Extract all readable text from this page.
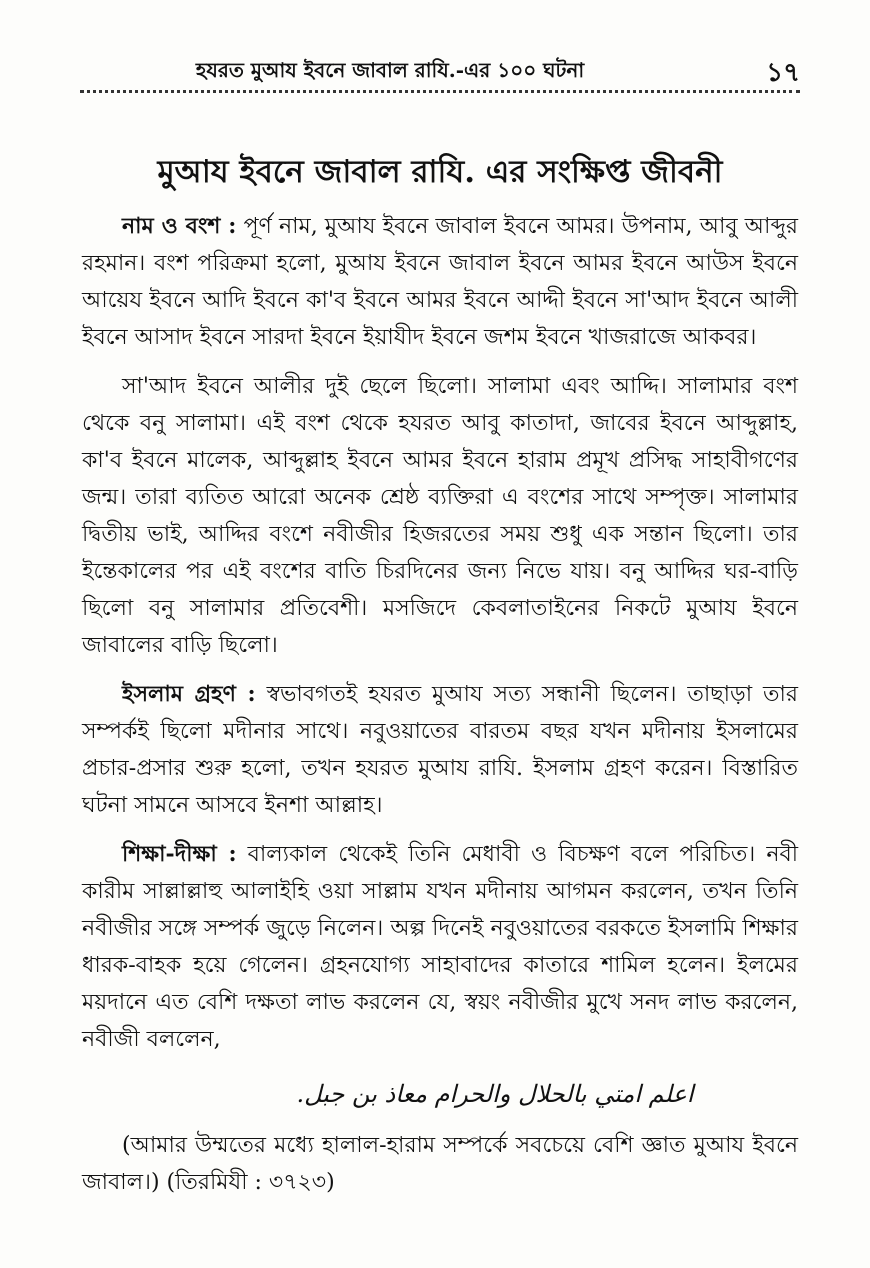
হযরত মুআয ইবনে জাবাল রাযি.-এর ১০০ ঘটনা	১৭
মুআয ইবনে জাবাল রাযি. এর সংক্ষিপ্ত জীবনী

নাম ও বংশ : পূর্ণ নাম, মুআয ইবনে জাবাল ইবনে আমর। উপনাম, আবু আব্দুর রহমান। বংশ পরিক্রমা হলো, মুআয ইবনে জাবাল ইবনে আমর ইবনে আউস ইবনে আয়েয ইবনে আদি ইবনে কা'ব ইবনে আমর ইবনে আদ্দী ইবনে সা'আদ ইবনে আলী ইবনে আসাদ ইবনে সারদা ইবনে ইয়াযীদ ইবনে জশম ইবনে খাজরাজে আকবর।

সা'আদ ইবনে আলীর দুই ছেলে ছিলো। সালামা এবং আদ্দি। সালামার বংশ থেকে বনু সালামা। এই বংশ থেকে হযরত আবু কাতাদা, জাবের ইবনে আব্দুল্লাহ, কা'ব ইবনে মালেক, আব্দুল্লাহ ইবনে আমর ইবনে হারাম প্রমূখ প্রসিদ্ধ সাহাবীগণের জন্ম। তারা ব্যতিত আরো অনেক শ্রেষ্ঠ ব্যক্তিরা এ বংশের সাথে সম্পৃক্ত। সালামার দ্বিতীয় ভাই, আদ্দির বংশে নবীজীর হিজরতের সময় শুধু এক সন্তান ছিলো। তার ইন্তেকালের পর এই বংশের বাতি চিরদিনের জন্য নিভে যায়। বনু আদ্দির ঘর-বাড়ি ছিলো বনু সালামার প্রতিবেশী। মসজিদে কেবলাতাইনের নিকটে মুআয ইবনে জাবালের বাড়ি ছিলো।

ইসলাম গ্রহণ : স্বভাবগতই হযরত মুআয সত্য সন্ধানী ছিলেন। তাছাড়া তার সম্পর্কই ছিলো মদীনার সাথে। নবুওয়াতের বারতম বছর যখন মদীনায় ইসলামের প্রচার-প্রসার শুরু হলো, তখন হযরত মুআয রাযি. ইসলাম গ্রহণ করেন। বিস্তারিত ঘটনা সামনে আসবে ইনশা আল্লাহ।

শিক্ষা-দীক্ষা : বাল্যকাল থেকেই তিনি মেধাবী ও বিচক্ষণ বলে পরিচিত। নবী কারীম সাল্লাল্লাহু আলাইহি ওয়া সাল্লাম যখন মদীনায় আগমন করলেন, তখন তিনি নবীজীর সঙ্গে সম্পর্ক জুড়ে নিলেন। অল্প দিনেই নবুওয়াতের বরকতে ইসলামি শিক্ষার ধারক-বাহক হয়ে গেলেন। গ্রহনযোগ্য সাহাবাদের কাতারে শামিল হলেন। ইলমের ময়দানে এত বেশি দক্ষতা লাভ করলেন যে, স্বয়ং নবীজীর মুখে সনদ লাভ করলেন, নবীজী বললেন,

اعلم امتي بالحلال والحرام معاذ بن جبل.

(আমার উম্মতের মধ্যে হালাল-হারাম সম্পর্কে সবচেয়ে বেশি জ্ঞাত মুআয ইবনে জাবাল।) (তিরমিযী : ৩৭২৩)
